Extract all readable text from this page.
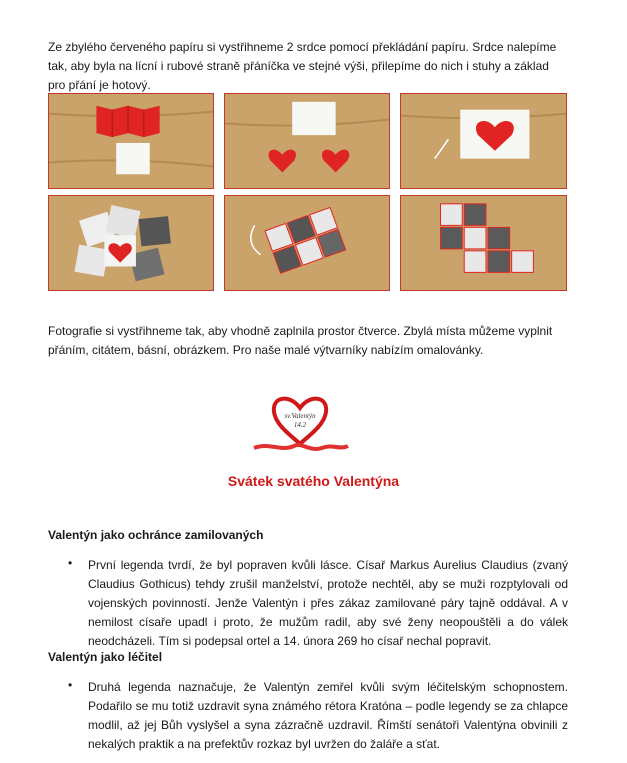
Ze zbylého červeného papíru si vystřihneme 2 srdce pomocí překládání papíru. Srdce nalepíme tak, aby byla na lícní i rubové straně přáníčka ve stejné výši, přilepíme do nich i stuhy a základ pro přání je hotový.

Fotografie si vystřihneme tak, aby vhodně zaplnila prostor čtverce. Zbylá místa můžeme vyplnit přáním, citátem, básní, obrázkem. Pro naše malé výtvarníky nabízím omalovánky.

sv.Valentýn
14.2
Svátek svatého Valentýna
Valentýn jako ochránce zamilovaných
•	První legenda tvrdí, že byl popraven kvůli lásce. Císař Markus Aurelius Claudius (zvaný Claudius Gothicus) tehdy zrušil manželství, protože nechtěl, aby se muži rozptylovali od vojenských povinností. Jenže Valentýn i přes zákaz zamilované páry tajně oddával. A v nemilost císaře upadl i proto, že mužům radil, aby své ženy neopouštěli a do válek neodcházeli. Tím si podepsal ortel a 14. února 269 ho císař nechal popravit.

Valentýn jako léčitel
•	Druhá legenda naznačuje, že Valentýn zemřel kvůli svým léčitelským schopnostem. Podařilo se mu totiž uzdravit syna známého rétora Kratóna – podle legendy se za chlapce modlil, až jej Bůh vyslyšel a syna zázračně uzdravil. Římští senátoři Valentýna obvinili z nekalých praktik a na prefektův rozkaz byl uvržen do žaláře a sťat.
